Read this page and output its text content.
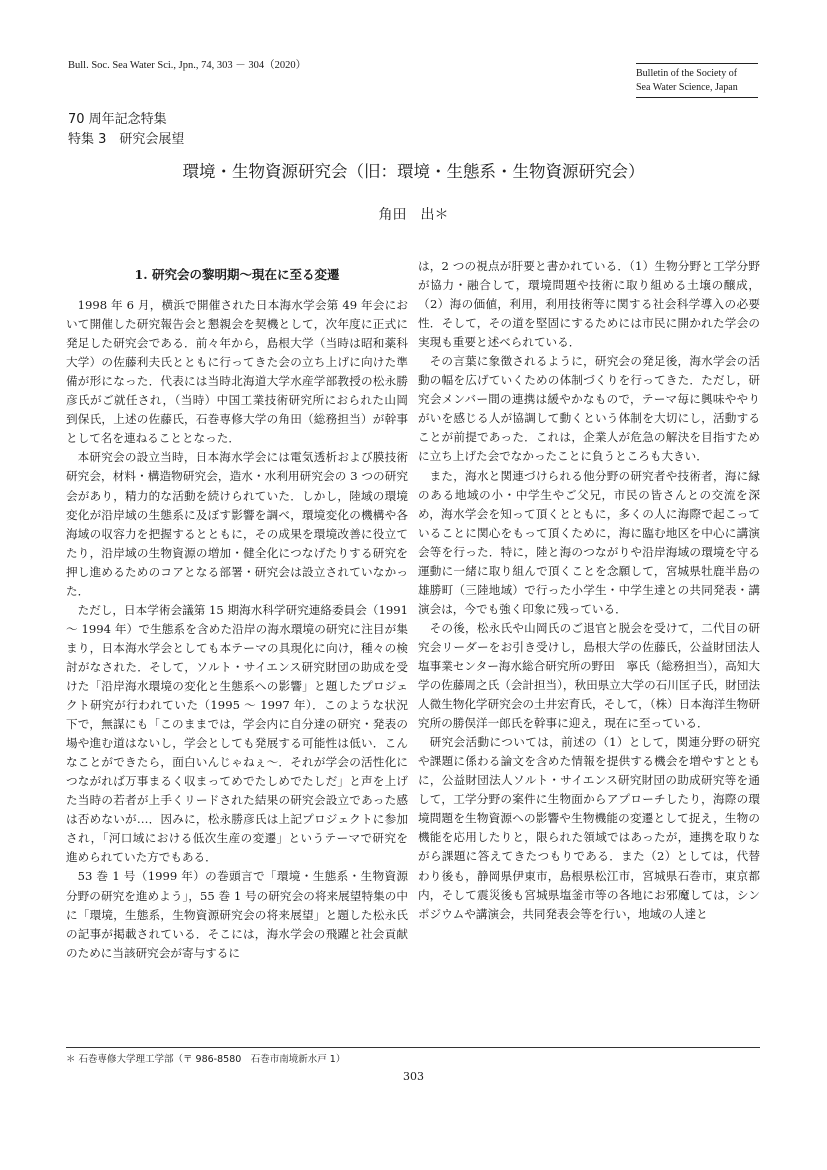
Bull. Soc. Sea Water Sci., Jpn., 74, 303 － 304（2020）
Bulletin of the Society of
Sea Water Science, Japan
70 周年記念特集
特集 3　研究会展望
環境・生物資源研究会（旧：環境・生態系・生物資源研究会）
角田　出＊
1. 研究会の黎明期～現在に至る変遷

1998 年 6 月，横浜で開催された日本海水学会第 49 年会において開催した研究報告会と懇親会を契機として，次年度に正式に発足した研究会である．前々年から，島根大学（当時は昭和薬科大学）の佐藤利夫氏とともに行ってきた会の立ち上げに向けた準備が形になった．代表には当時北海道大学水産学部教授の松永勝彦氏がご就任され，（当時）中国工業技術研究所におられた山岡到保氏，上述の佐藤氏，石巻専修大学の角田（総務担当）が幹事として名を連ねることとなった．

本研究会の設立当時，日本海水学会には電気透析および膜技術研究会，材料・構造物研究会，造水・水利用研究会の 3 つの研究会があり，精力的な活動を続けられていた．しかし，陸域の環境変化が沿岸域の生態系に及ぼす影響を調べ，環境変化の機構や各海域の収容力を把握するとともに，その成果を環境改善に役立てたり，沿岸域の生物資源の増加・健全化につなげたりする研究を押し進めるためのコアとなる部署・研究会は設立されていなかった．

ただし，日本学術会議第 15 期海水科学研究連絡委員会（1991 ～ 1994 年）で生態系を含めた沿岸の海水環境の研究に注目が集まり，日本海水学会としても本テーマの具現化に向け，種々の検討がなされた．そして，ソルト・サイエンス研究財団の助成を受けた「沿岸海水環境の変化と生態系への影響」と題したプロジェクト研究が行われていた（1995 ～ 1997 年）．このような状況下で，無謀にも「このままでは，学会内に自分達の研究・発表の場や進む道はないし，学会としても発展する可能性は低い．こんなことができたら，面白いんじゃねぇ～．それが学会の活性化につながれば万事まるく収まってめでたしめでたしだ」と声を上げた当時の若者が上手くリードされた結果の研究会設立であった感は否めないが…．因みに，松永勝彦氏は上記プロジェクトに参加され，「河口域における低次生産の変遷」というテーマで研究を進められていた方でもある．

53 巻 1 号（1999 年）の巻頭言で「環境・生態系・生物資源分野の研究を進めよう」，55 巻 1 号の研究会の将来展望特集の中に「環境，生態系，生物資源研究会の将来展望」と題した松永氏の記事が掲載されている．そこには，海水学会の飛躍と社会貢献のために当該研究会が寄与するに

は，2 つの視点が肝要と書かれている．（1）生物分野と工学分野が協力・融合して，環境問題や技術に取り組める土壌の醸成，（2）海の価値，利用，利用技術等に関する社会科学導入の必要性．そして，その道を堅固にするためには市民に開かれた学会の実現も重要と述べられている．

その言葉に象徴されるように，研究会の発足後，海水学会の活動の幅を広げていくための体制づくりを行ってきた．ただし，研究会メンバー間の連携は緩やかなもので，テーマ毎に興味ややりがいを感じる人が協調して動くという体制を大切にし，活動することが前提であった．これは，企業人が危急の解決を目指すために立ち上げた会でなかったことに負うところも大きい．

また，海水と関連づけられる他分野の研究者や技術者，海に縁のある地域の小・中学生やご父兄，市民の皆さんとの交流を深め，海水学会を知って頂くとともに，多くの人に海際で起こっていることに関心をもって頂くために，海に臨む地区を中心に講演会等を行った．特に，陸と海のつながりや沿岸海域の環境を守る運動に一緒に取り組んで頂くことを念願して，宮城県牡鹿半島の雄勝町（三陸地域）で行った小学生・中学生達との共同発表・講演会は，今でも強く印象に残っている．

その後，松永氏や山岡氏のご退官と脱会を受けて，二代目の研究会リーダーをお引き受けし，島根大学の佐藤氏，公益財団法人塩事業センター海水総合研究所の野田　寧氏（総務担当），高知大学の佐藤周之氏（会計担当），秋田県立大学の石川匡子氏，財団法人微生物化学研究会の土井宏育氏，そして，（株）日本海洋生物研究所の勝俣洋一郎氏を幹事に迎え，現在に至っている．

研究会活動については，前述の（1）として，関連分野の研究や課題に係わる論文を含めた情報を提供する機会を増やすとともに，公益財団法人ソルト・サイエンス研究財団の助成研究等を通して，工学分野の案件に生物面からアプローチしたり，海際の環境問題を生物資源への影響や生物機能の変遷として捉え，生物の機能を応用したりと，限られた領域ではあったが，連携を取りながら課題に答えてきたつもりである．また（2）としては，代替わり後も，静岡県伊東市，島根県松江市，宮城県石巻市，東京都内，そして震災後も宮城県塩釜市等の各地にお邪魔しては，シンポジウムや講演会，共同発表会等を行い，地域の人達と

＊ 石巻専修大学理工学部（〒 986-8580　石巻市南境新水戸 1）
303
